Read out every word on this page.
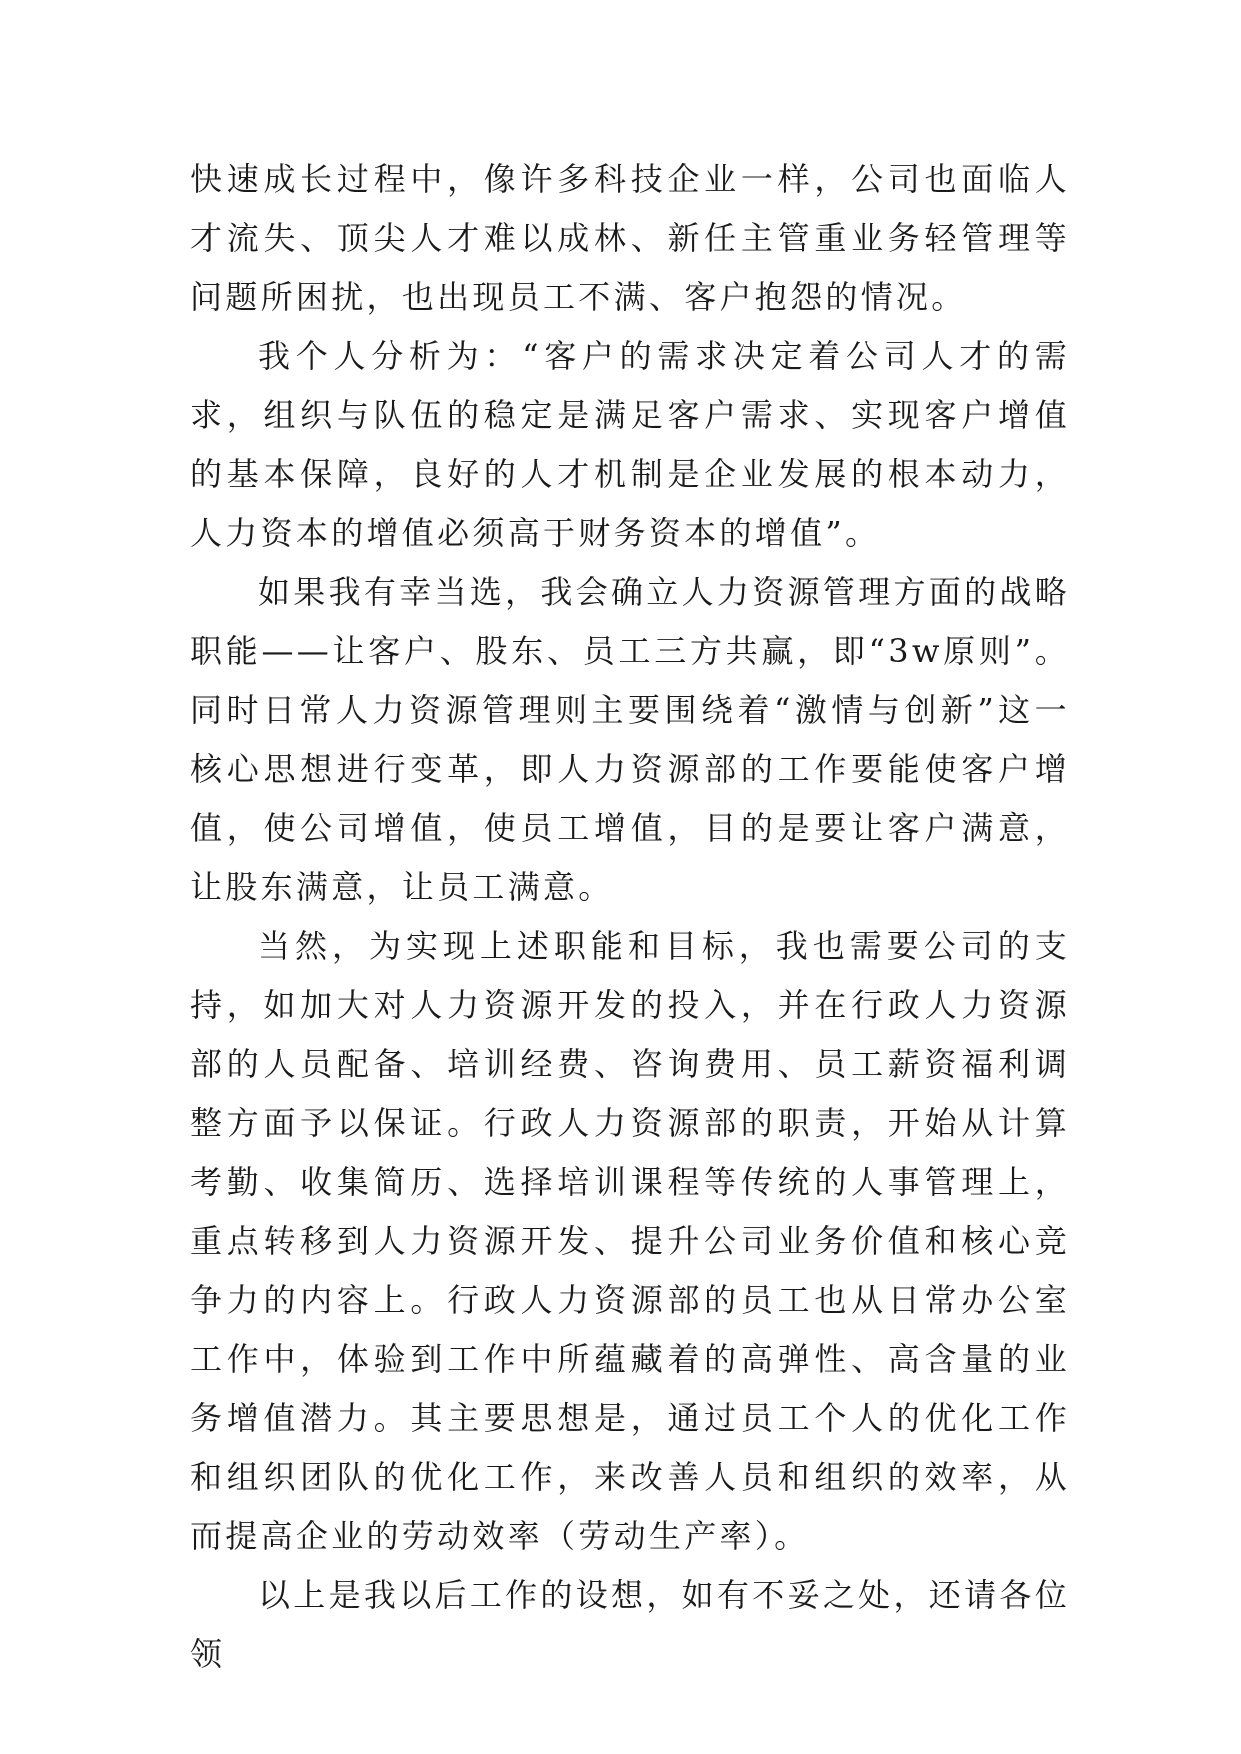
快速成长过程中，像许多科技企业一样，公司也面临人才流失、顶尖人才难以成林、新任主管重业务轻管理等问题所困扰，也出现员工不满、客户抱怨的情况。

我个人分析为：“客户的需求决定着公司人才的需求，组织与队伍的稳定是满足客户需求、实现客户增值的基本保障，良好的人才机制是企业发展的根本动力，人力资本的增值必须高于财务资本的增值”。

如果我有幸当选，我会确立人力资源管理方面的战略职能——让客户、股东、员工三方共赢，即“3w原则”。同时日常人力资源管理则主要围绕着“激情与创新”这一核心思想进行变革，即人力资源部的工作要能使客户增值，使公司增值，使员工增值，目的是要让客户满意，让股东满意，让员工满意。

当然，为实现上述职能和目标，我也需要公司的支持，如加大对人力资源开发的投入，并在行政人力资源部的人员配备、培训经费、咨询费用、员工薪资福利调整方面予以保证。行政人力资源部的职责，开始从计算考勤、收集简历、选择培训课程等传统的人事管理上，重点转移到人力资源开发、提升公司业务价值和核心竞争力的内容上。行政人力资源部的员工也从日常办公室工作中，体验到工作中所蕴藏着的高弹性、高含量的业务增值潜力。其主要思想是，通过员工个人的优化工作和组织团队的优化工作，来改善人员和组织的效率，从而提高企业的劳动效率（劳动生产率）。

以上是我以后工作的设想，如有不妥之处，还请各位领
